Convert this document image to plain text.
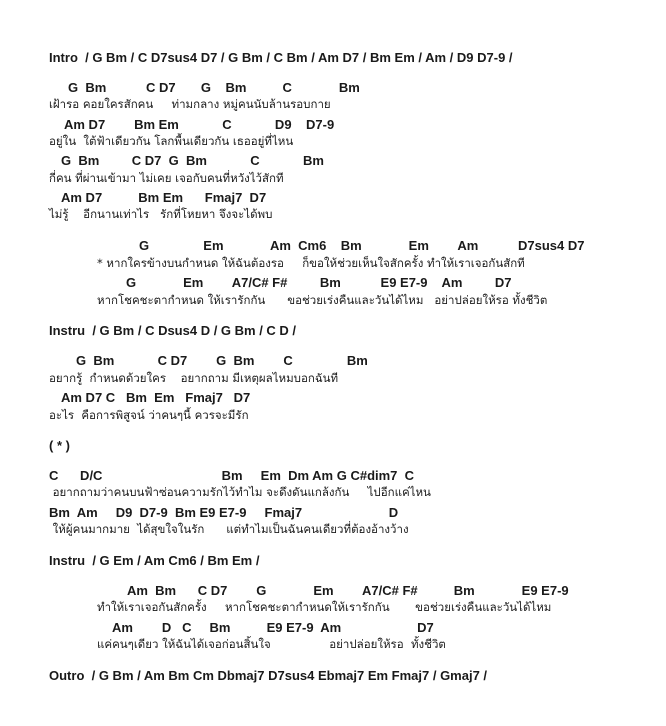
Intro  / G Bm / C D7sus4 D7 / G Bm / C Bm / Am D7 / Bm Em / Am / D9 D7-9 /
G  Bm           C D7       G    Bm          C             Bm
เฝ้ารอ คอยใครสักคน     ท่ามกลาง หมู่คนนับล้านรอบกาย
Am D7        Bm Em            C            D9    D7-9
อยู่ใน  ใต้ฟ้าเดียวกัน โลกพื้นเดียวกัน เธออยู่ที่ไหน
G  Bm         C D7  G  Bm            C            Bm
กี่คน ที่ผ่านเข้ามา ไม่เคย เจอกับคนที่หวังไว้สักที
Am D7          Bm Em      Fmaj7  D7
ไม่รู้    อีกนานเท่าไร   รักที่โหยหา จึงจะได้พบ
G               Em             Am  Cm6    Bm             Em        Am           D7sus4 D7
* หากใครข้างบนกำหนด ให้ฉันต้องรอ     ก็ขอให้ช่วยเห็นใจสักครั้ง ทำให้เราเจอกันสักที
G             Em        A7/C# F#         Bm           E9 E7-9    Am         D7
หากโชคชะตากำหนด ให้เรารักกัน      ขอช่วยเร่งคืนและวันได้ไหม   อย่าปล่อยให้รอ ทั้งชีวิต
Instru  / G Bm / C Dsus4 D / G Bm / C D /
G  Bm            C D7        G  Bm        C               Bm
อยากรู้  กำหนดด้วยใคร    อยากถาม มีเหตุผลไหมบอกฉันที
Am D7 C   Bm  Em   Fmaj7   D7
อะไร  คือการพิสูจน์ ว่าคนๆนี้ ควรจะมีรัก
( * )
C      D/C                                 Bm     Em  Dm Am G C#dim7  C
อยากถามว่าคนบนฟ้าซ่อนความรักไว้ทำไม จะดึงดันแกล้งกัน     ไปอีกแค่ไหน
Bm  Am     D9  D7-9  Bm E9 E7-9     Fmaj7                        D
ให้ผู้คนมากมาย  ได้สุขใจในรัก      แต่ทำไมเป็นฉันคนเดียวที่ต้องอ้างว้าง
Instru  / G Em / Am Cm6 / Bm Em /
Am  Bm      C D7        G             Em        A7/C# F#          Bm             E9 E7-9
ทำให้เราเจอกันสักครั้ง     หากโชคชะตากำหนดให้เรารักกัน       ขอช่วยเร่งคืนและวันได้ไหม
Am        D   C     Bm          E9 E7-9  Am                     D7
แค่คนๆเดียว ให้ฉันได้เจอก่อนสิ้นใจ                อย่าปล่อยให้รอ  ทั้งชีวิต
Outro  / G Bm / Am Bm Cm Dbmaj7 D7sus4 Ebmaj7 Em Fmaj7 / Gmaj7 /
